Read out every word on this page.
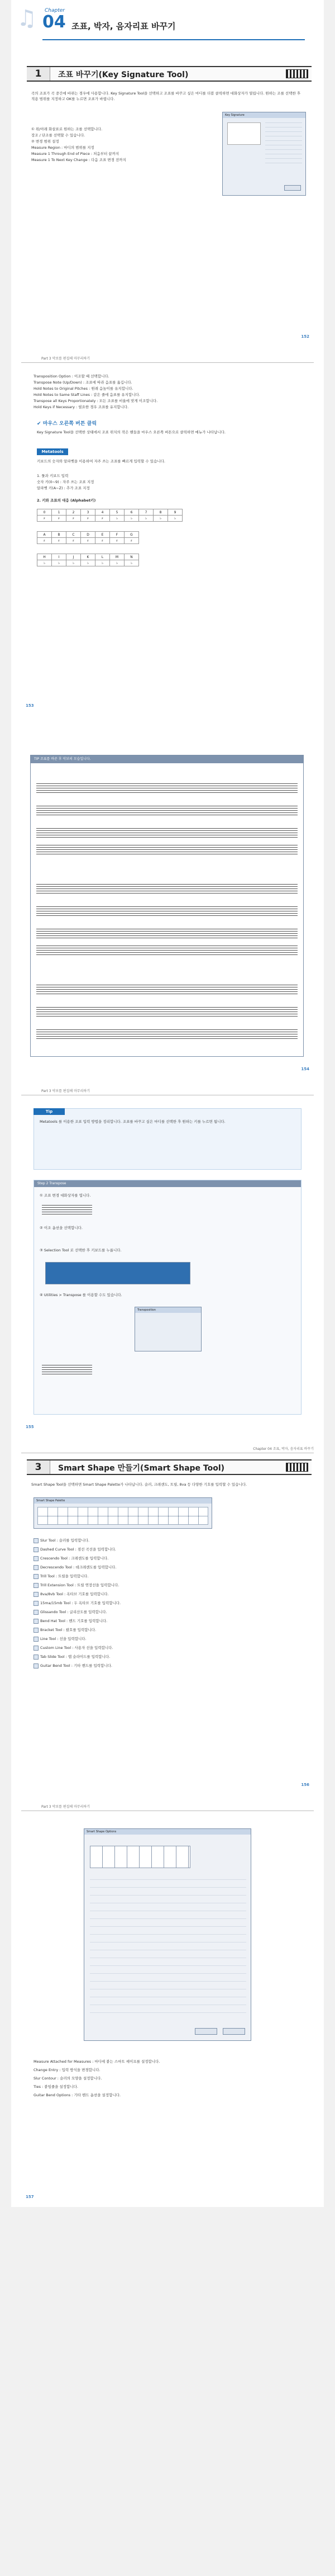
♫ Chapter
04 조표, 박자, 음자리표 바꾸기
1	조표 바꾸기(Key Signature Tool)
곡의 조표가 곡 중간에 바뀌는 경우에 사용합니다. Key Signature Tool을 선택하고 조표를 바꾸고 싶은 마디를 더블 클릭하면 대화상자가 열립니다. 원하는 조를 선택한 후 적용 범위를 지정하고 OK를 누르면 조표가 바뀝니다.

① 위/아래 화살표로 원하는 조를 선택합니다.

장조 / 단조를 선택할 수 있습니다.

② 변경 범위 설정

Measure Region : 마디의 범위를 지정

Measure 1 Through End of Piece : 처음부터 끝까지

Measure 1 To Next Key Change : 다음 조표 변경 전까지

Key Signature
152
Part 3 악보를 편집해 마무리하기

Transposition Option : 이조할 때 선택합니다.

Transpose Note (Up/Down) : 조표에 따라 음표를 옮깁니다.

Hold Notes to Original Pitches : 원래 음높이를 유지합니다.

Hold Notes to Same Staff Lines : 같은 줄에 음표를 유지합니다.

Transpose all Keys Proportionately : 모든 조표를 비율에 맞게 이조합니다.

Hold Keys if Necessary : 필요한 경우 조표를 유지합니다.

✔ 마우스 오른쪽 버튼 클릭
Key Signature Tool을 선택한 상태에서 조표 위치의 작은 핸들을 마우스 오른쪽 버튼으로 클릭하면 메뉴가 나타납니다.
Metatools
키보드의 숫자와 알파벳을 이용하여 자주 쓰는 조표를 빠르게 입력할 수 있습니다.

1. 툴과 키보드 입력

숫자 키(0~9) : 자주 쓰는 조표 지정

알파벳 키(A~Z) : 추가 조표 지정

2. 키와 조표의 대응 (Alphabet키)
0	1	2	3	4	5	6	7	8	9
♯	♯	♯	♯	♯	♭	♭	♭	♭	♭
A	B	C	D	E	F	G
♯	♯	♯	♯	♯	♯	♯
H	I	J	K	L	M	N
♭	♭	♭	♭	♭	♭	♭
153
TIP 조표를 바꾼 후 악보의 모습입니다.
154
Part 3 악보를 편집해 마무리하기
Tip
Metatools 를 이용한 조표 입력 방법을 정리합니다. 조표를 바꾸고 싶은 마디를 선택한 후 원하는 키를 누르면 됩니다.
Step 2 Transpose
① 조표 변경 대화상자를 엽니다.
② 이조 옵션을 선택합니다.
③ Selection Tool 로 선택한 후 키보드를 누릅니다.
④ Utilities > Transpose 를 이용할 수도 있습니다.
Transposition
155
Chapter 04 조표, 박자, 음자리표 바꾸기
3	Smart Shape 만들기(Smart Shape Tool)
Smart Shape Tool을 선택하면 Smart Shape Palette가 나타납니다. 슬러, 크레센도, 트릴, 8va 등 다양한 기호를 입력할 수 있습니다.
Smart Shape Palette

Slur Tool : 슬러를 입력합니다.

Dashed Curve Tool : 점선 곡선을 입력합니다.

Crescendo Tool : 크레센도를 입력합니다.

Decrescendo Tool : 데크레센도를 입력합니다.

Trill Tool : 트릴을 입력합니다.

Trill Extension Tool : 트릴 연장선을 입력합니다.

8va/8vb Tool : 옥타브 기호를 입력합니다.

15ma/15mb Tool : 두 옥타브 기호를 입력합니다.

Glissando Tool : 글리산도를 입력합니다.

Bend Hat Tool : 벤드 기호를 입력합니다.

Bracket Tool : 괄호를 입력합니다.

Line Tool : 선을 입력합니다.

Custom Line Tool : 사용자 선을 입력합니다.

Tab Slide Tool : 탭 슬라이드를 입력합니다.

Guitar Bend Tool : 기타 벤드를 입력합니다.

156
Part 3 악보를 편집해 마무리하기
Smart Shape Options

Measure Attached for Measures : 마디에 붙는 스마트 셰이프를 설정합니다.

Change Entry : 입력 방식을 변경합니다.

Slur Contour : 슬러의 모양을 설정합니다.

Ties : 붙임줄을 설정합니다.

Guitar Bend Options : 기타 벤드 옵션을 설정합니다.

157
